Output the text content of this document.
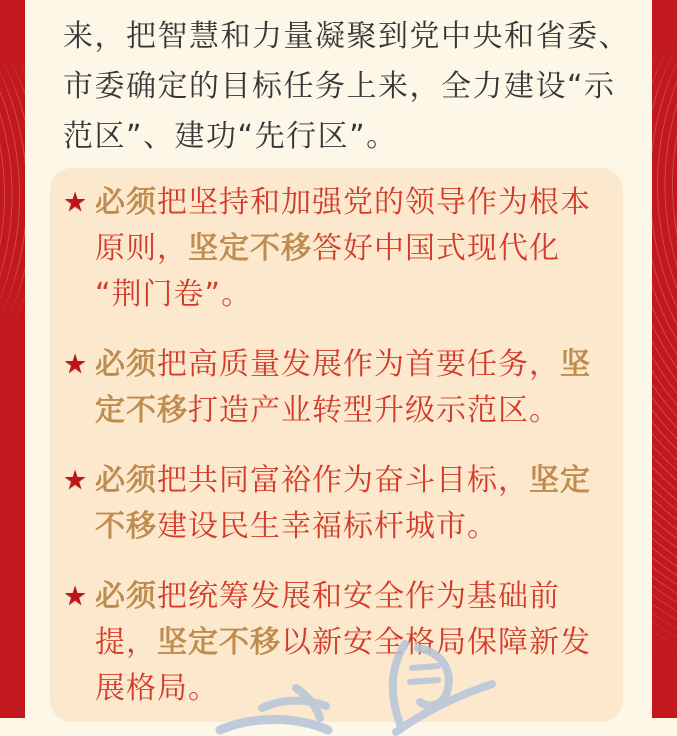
来，把智慧和力量凝聚到党中央和省委、
市委确定的目标任务上来，全力建设“示
范区”、建功“先行区”。
★ 必须把坚持和加强党的领导作为根本
原则，坚定不移答好中国式现代化
“荆门卷”。
★ 必须把高质量发展作为首要任务，坚
定不移打造产业转型升级示范区。
★ 必须把共同富裕作为奋斗目标，坚定
不移建设民生幸福标杆城市。
★ 必须把统筹发展和安全作为基础前
提，坚定不移以新安全格局保障新发
展格局。
